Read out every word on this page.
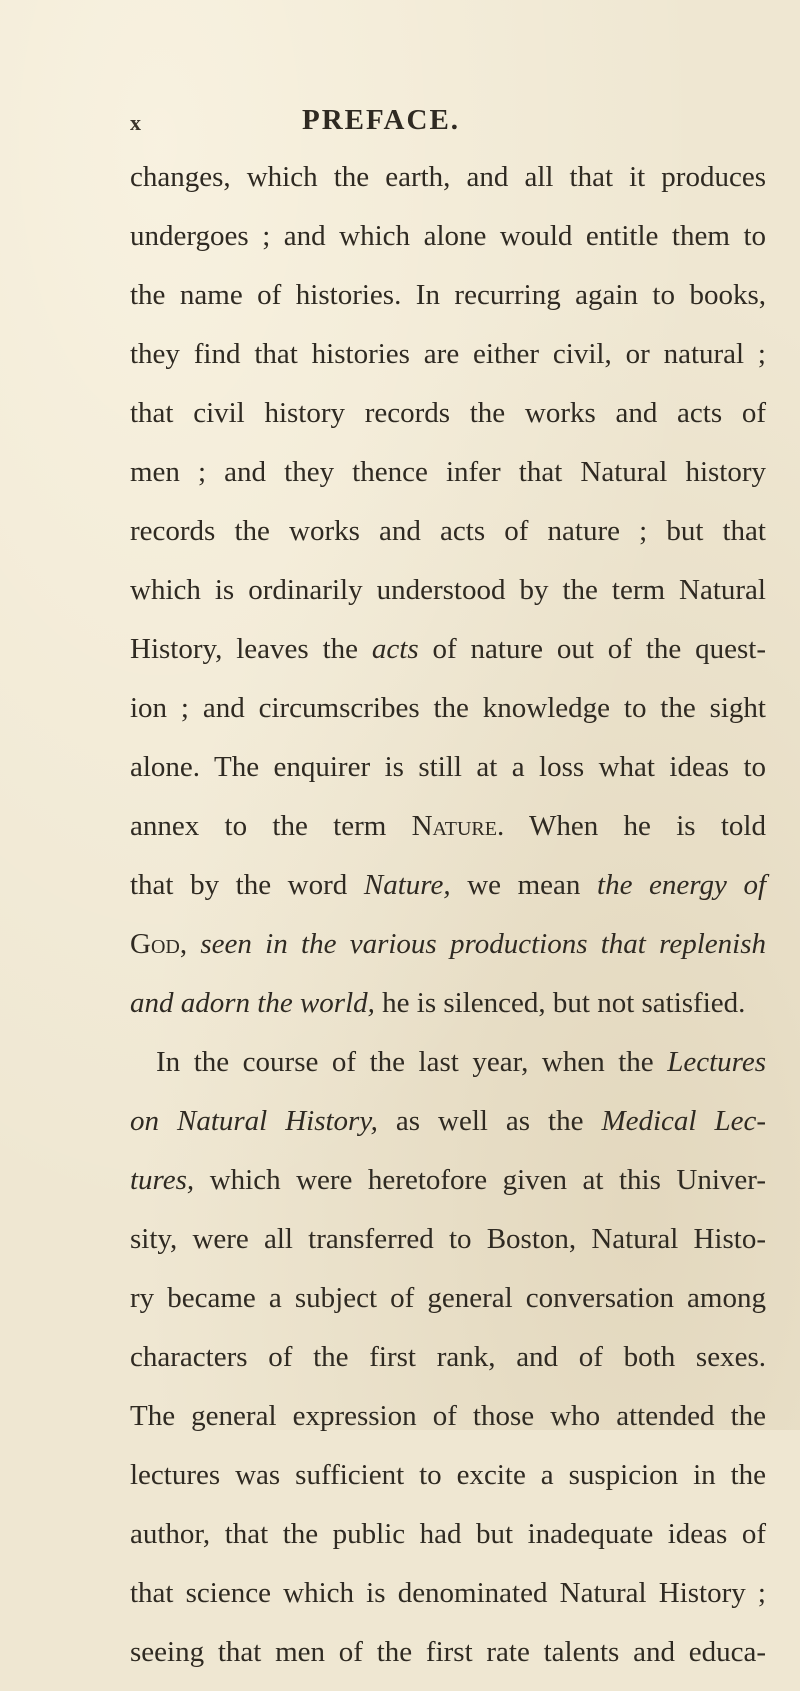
x	PREFACE.
changes, which the earth, and all that it produces
undergoes ; and which alone would entitle them to
the name of histories. In recurring again to books,
they find that histories are either civil, or natural ;
that civil history records the works and acts of
men ; and they thence infer that Natural history
records the works and acts of nature ; but that
which is ordinarily understood by the term Natural
History, leaves the acts of nature out of the quest-
ion ; and circumscribes the knowledge to the sight
alone. The enquirer is still at a loss what ideas to
annex to the term Nature. When he is told
that by the word Nature, we mean the energy of
God, seen in the various productions that replenish
and adorn the world, he is silenced, but not satisfied.
In the course of the last year, when the Lectures
on Natural History, as well as the Medical Lec-
tures, which were heretofore given at this Univer-
sity, were all transferred to Boston, Natural Histo-
ry became a subject of general conversation among
characters of the first rank, and of both sexes.
The general expression of those who attended the
lectures was sufficient to excite a suspicion in the
author, that the public had but inadequate ideas of
that science which is denominated Natural History ;
seeing that men of the first rate talents and educa-
